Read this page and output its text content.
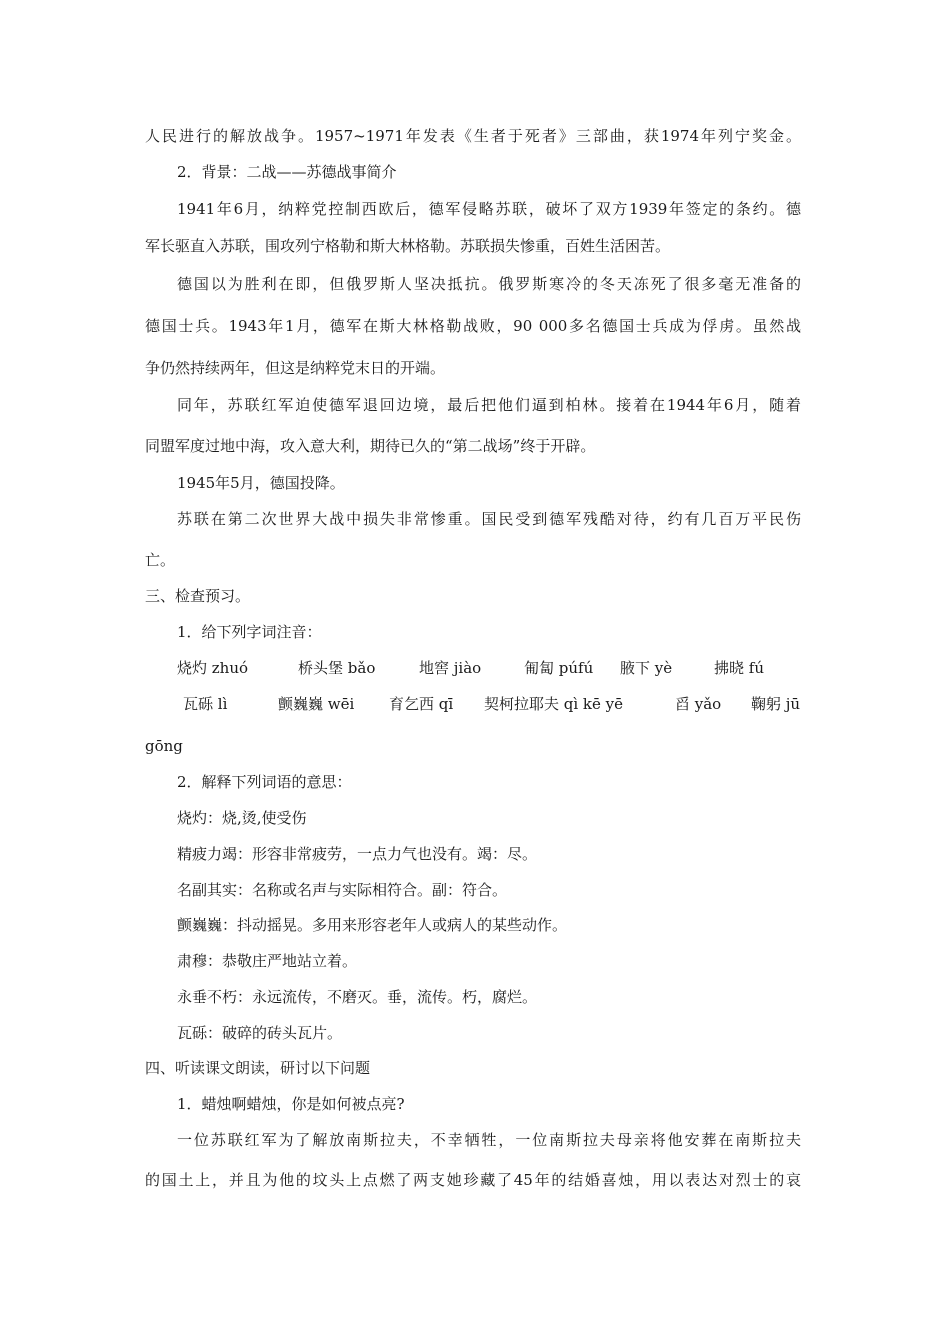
人民进行的解放战争。1957~1971年发表《生者于死者》三部曲，获1974年列宁奖金。
2．背景：二战——苏德战事简介
1941年6月，纳粹党控制西欧后，德军侵略苏联，破坏了双方1939年签定的条约。德
军长驱直入苏联，围攻列宁格勒和斯大林格勒。苏联损失惨重，百姓生活困苦。
德国以为胜利在即，但俄罗斯人坚决抵抗。俄罗斯寒冷的冬天冻死了很多毫无准备的
德国士兵。1943年1月，德军在斯大林格勒战败，90 000多名德国士兵成为俘虏。虽然战
争仍然持续两年，但这是纳粹党末日的开端。
同年，苏联红军迫使德军退回边境，最后把他们逼到柏林。接着在1944年6月，随着
同盟军度过地中海，攻入意大利，期待已久的“第二战场”终于开辟。
1945年5月，德国投降。
苏联在第二次世界大战中损失非常惨重。国民受到德军残酷对待，约有几百万平民伤
亡。
三、检查预习。
1．给下列字词注音：
烧灼 zhuó	桥头堡 bǎo	地窖 jiào	匍匐 púfú 腋下 yè	拂晓 fú
瓦砾 lì	颤巍巍 wēi 育乞西 qī 契柯拉耶夫 qì kē yē	舀 yǎo 鞠躬 jū
gōng
2．解释下列词语的意思：
烧灼：烧,烫,使受伤
精疲力竭：形容非常疲劳，一点力气也没有。竭：尽。
名副其实：名称或名声与实际相符合。副：符合。
颤巍巍：抖动摇晃。多用来形容老年人或病人的某些动作。
肃穆：恭敬庄严地站立着。
永垂不朽：永远流传，不磨灭。垂，流传。朽，腐烂。
瓦砾：破碎的砖头瓦片。
四、听读课文朗读，研讨以下问题
1．蜡烛啊蜡烛，你是如何被点亮?
一位苏联红军为了解放南斯拉夫，不幸牺牲，一位南斯拉夫母亲将他安葬在南斯拉夫
的国土上，并且为他的坟头上点燃了两支她珍藏了45年的结婚喜烛，用以表达对烈士的哀
